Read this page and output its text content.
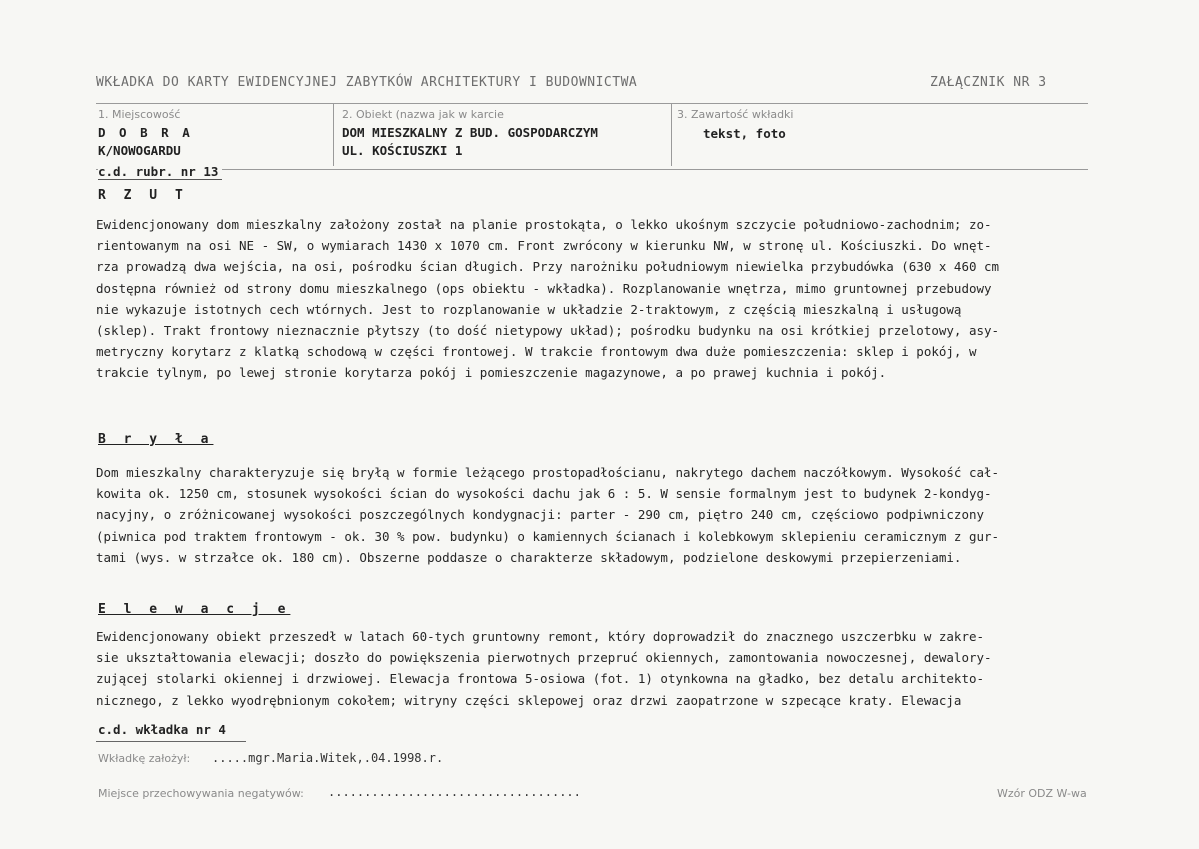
WKŁADKA DO KARTY EWIDENCYJNEJ ZABYTKÓW ARCHITEKTURY I BUDOWNICTWA	ZAŁĄCZNIK NR 3
1. Miejscowość
D O B R A
K/NOWOGARDU
2. Obiekt (nazwa jak w karcie
DOM MIESZKALNY Z BUD. GOSPODARCZYM
UL. KOŚCIUSZKI 1
3. Zawartość wkładki
tekst, foto
c.d. rubr. nr 13
R Z U T
Ewidencjonowany dom mieszkalny założony został na planie prostokąta, o lekko ukośnym szczycie południowo-zachodnim; zo-
rientowanym na osi NE - SW, o wymiarach 1430 x 1070 cm. Front zwrócony w kierunku NW, w stronę ul. Kościuszki. Do wnęt-
rza prowadzą dwa wejścia, na osi, pośrodku ścian długich. Przy narożniku południowym niewielka przybudówka (630 x 460 cm
dostępna również od strony domu mieszkalnego (ops obiektu - wkładka). Rozplanowanie wnętrza, mimo gruntownej przebudowy
nie wykazuje istotnych cech wtórnych. Jest to rozplanowanie w układzie 2-traktowym, z częścią mieszkalną i usługową
(sklep). Trakt frontowy nieznacznie płytszy (to dość nietypowy układ); pośrodku budynku na osi krótkiej przelotowy, asy-
metryczny korytarz z klatką schodową w części frontowej. W trakcie frontowym dwa duże pomieszczenia: sklep i pokój, w
trakcie tylnym, po lewej stronie korytarza pokój i pomieszczenie magazynowe, a po prawej kuchnia i pokój.
B r y ł a
Dom mieszkalny charakteryzuje się bryłą w formie leżącego prostopadłościanu, nakrytego dachem naczółkowym. Wysokość cał-
kowita ok. 1250 cm, stosunek wysokości ścian do wysokości dachu jak 6 : 5. W sensie formalnym jest to budynek 2-kondyg-
nacyjny, o zróżnicowanej wysokości poszczególnych kondygnacji: parter - 290 cm, piętro 240 cm, częściowo podpiwniczony
(piwnica pod traktem frontowym - ok. 30 % pow. budynku) o kamiennych ścianach i kolebkowym sklepieniu ceramicznym z gur-
tami (wys. w strzałce ok. 180 cm). Obszerne poddasze o charakterze składowym, podzielone deskowymi przepierzeniami.
E l e w a c j e
Ewidencjonowany obiekt przeszedł w latach 60-tych gruntowny remont, który doprowadził do znacznego uszczerbku w zakre-
sie ukształtowania elewacji; doszło do powiększenia pierwotnych przepruć okiennych, zamontowania nowoczesnej, dewalory-
zującej stolarki okiennej i drzwiowej. Elewacja frontowa 5-osiowa (fot. 1) otynkowna na gładko, bez detalu architekto-
nicznego, z lekko wyodrębnionym cokołem; witryny części sklepowej oraz drzwi zaopatrzone w szpecące kraty. Elewacja
c.d. wkładka nr 4
Wkładkę założył: .....mgr.Maria.Witek,.04.1998.r.
Miejsce przechowywania negatywów: ...................................	Wzór ODZ W-wa
